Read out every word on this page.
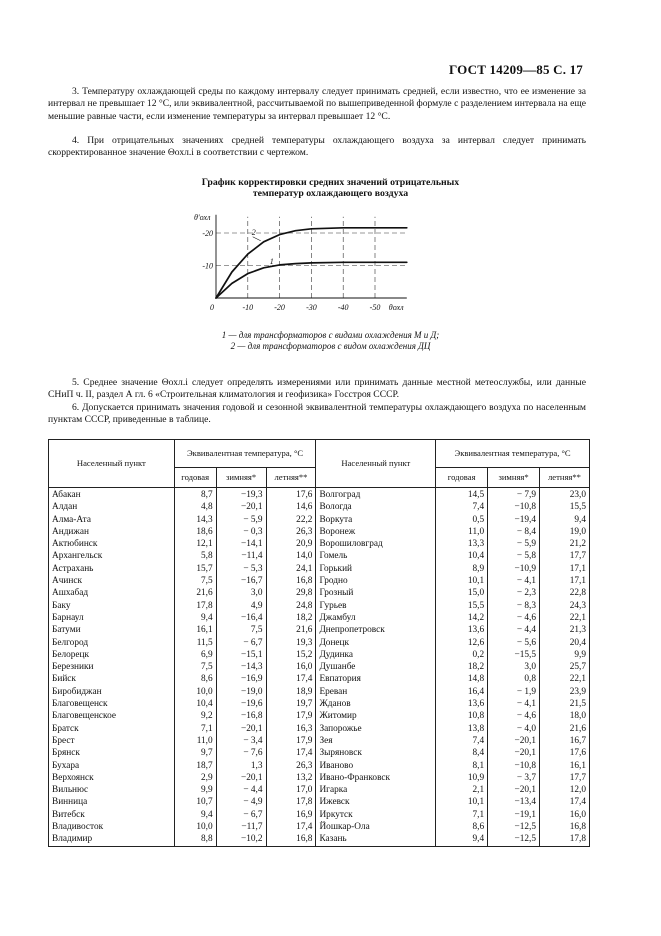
ГОСТ 14209—85 С. 17

3. Температуру охлаждающей среды по каждому интервалу следует принимать средней, если известно, что ее изменение за интервал не превышает 12 °С, или эквивалентной, рассчитываемой по вышеприведенной формуле с разделением интервала на еще меньшие равные части, если изменение температуры за интервал превышает 12 °С.

4. При отрицательных значениях средней температуры охлаждающего воздуха за интервал следует принимать скорректированное значение Θохл.i в соответствии с чертежом.

График корректировки средних значений отрицательных
температур охлаждающего воздуха
-10
-20
0	-10	-20	-30	-40	-50
θ'охл
θохл
1
2
1 — для трансформаторов с видами охлаждения М и Д;
2 — для трансформаторов с видом охлаждения ДЦ

5. Среднее значение Θохл.i следует определять измерениями или принимать данные местной метеослужбы, или данные СНиП ч. II, раздел А гл. 6 «Строительная климатология и геофизика» Госстроя СССР.

6. Допускается принимать значения годовой и сезонной эквивалентной температуры охлаждающего воздуха по населенным пунктам СССР, приведенные в таблице.

Населенный пункт	Эквивалентная температура, °С			Населенный пункт	Эквивалентная температура, °С		
	годовая	зимняя*	летняя**		годовая	зимняя*	летняя**
Абакан	8,7	−19,3	17,6	Волгоград	14,5	− 7,9	23,0
Алдан	4,8	−20,1	14,6	Вологда	7,4	−10,8	15,5
Алма-Ата	14,3	− 5,9	22,2	Воркута	0,5	−19,4	9,4
Андижан	18,6	− 0,3	26,3	Воронеж	11,0	− 8,4	19,0
Актюбинск	12,1	−14,1	20,9	Ворошиловград	13,3	− 5,9	21,2
Архангельск	5,8	−11,4	14,0	Гомель	10,4	− 5,8	17,7
Астрахань	15,7	− 5,3	24,1	Горький	8,9	−10,9	17,1
Ачинск	7,5	−16,7	16,8	Гродно	10,1	− 4,1	17,1
Ашхабад	21,6	3,0	29,8	Грозный	15,0	− 2,3	22,8
Баку	17,8	4,9	24,8	Гурьев	15,5	− 8,3	24,3
Барнаул	9,4	−16,4	18,2	Джамбул	14,2	− 4,6	22,1
Батуми	16,1	7,5	21,6	Днепропетровск	13,6	− 4,4	21,3
Белгород	11,5	− 6,7	19,3	Донецк	12,6	− 5,6	20,4
Белорецк	6,9	−15,1	15,2	Дудинка	0,2	−15,5	9,9
Березники	7,5	−14,3	16,0	Душанбе	18,2	3,0	25,7
Бийск	8,6	−16,9	17,4	Евпатория	14,8	0,8	22,1
Биробиджан	10,0	−19,0	18,9	Ереван	16,4	− 1,9	23,9
Благовещенск	10,4	−19,6	19,7	Жданов	13,6	− 4,1	21,5
Благовещенское	9,2	−16,8	17,9	Житомир	10,8	− 4,6	18,0
Братск	7,1	−20,1	16,3	Запорожье	13,8	− 4,0	21,6
Брест	11,0	− 3,4	17,9	Зея	7,4	−20,1	16,7
Брянск	9,7	− 7,6	17,4	Зыряновск	8,4	−20,1	17,6
Бухара	18,7	1,3	26,3	Иваново	8,1	−10,8	16,1
Верхоянск	2,9	−20,1	13,2	Ивано-Франковск	10,9	− 3,7	17,7
Вильнюс	9,9	− 4,4	17,0	Игарка	2,1	−20,1	12,0
Винница	10,7	− 4,9	17,8	Ижевск	10,1	−13,4	17,4
Витебск	9,4	− 6,7	16,9	Иркутск	7,1	−19,1	16,0
Владивосток	10,0	−11,7	17,4	Йошкар-Ола	8,6	−12,5	16,8
Владимир	8,8	−10,2	16,8	Казань	9,4	−12,5	17,8
